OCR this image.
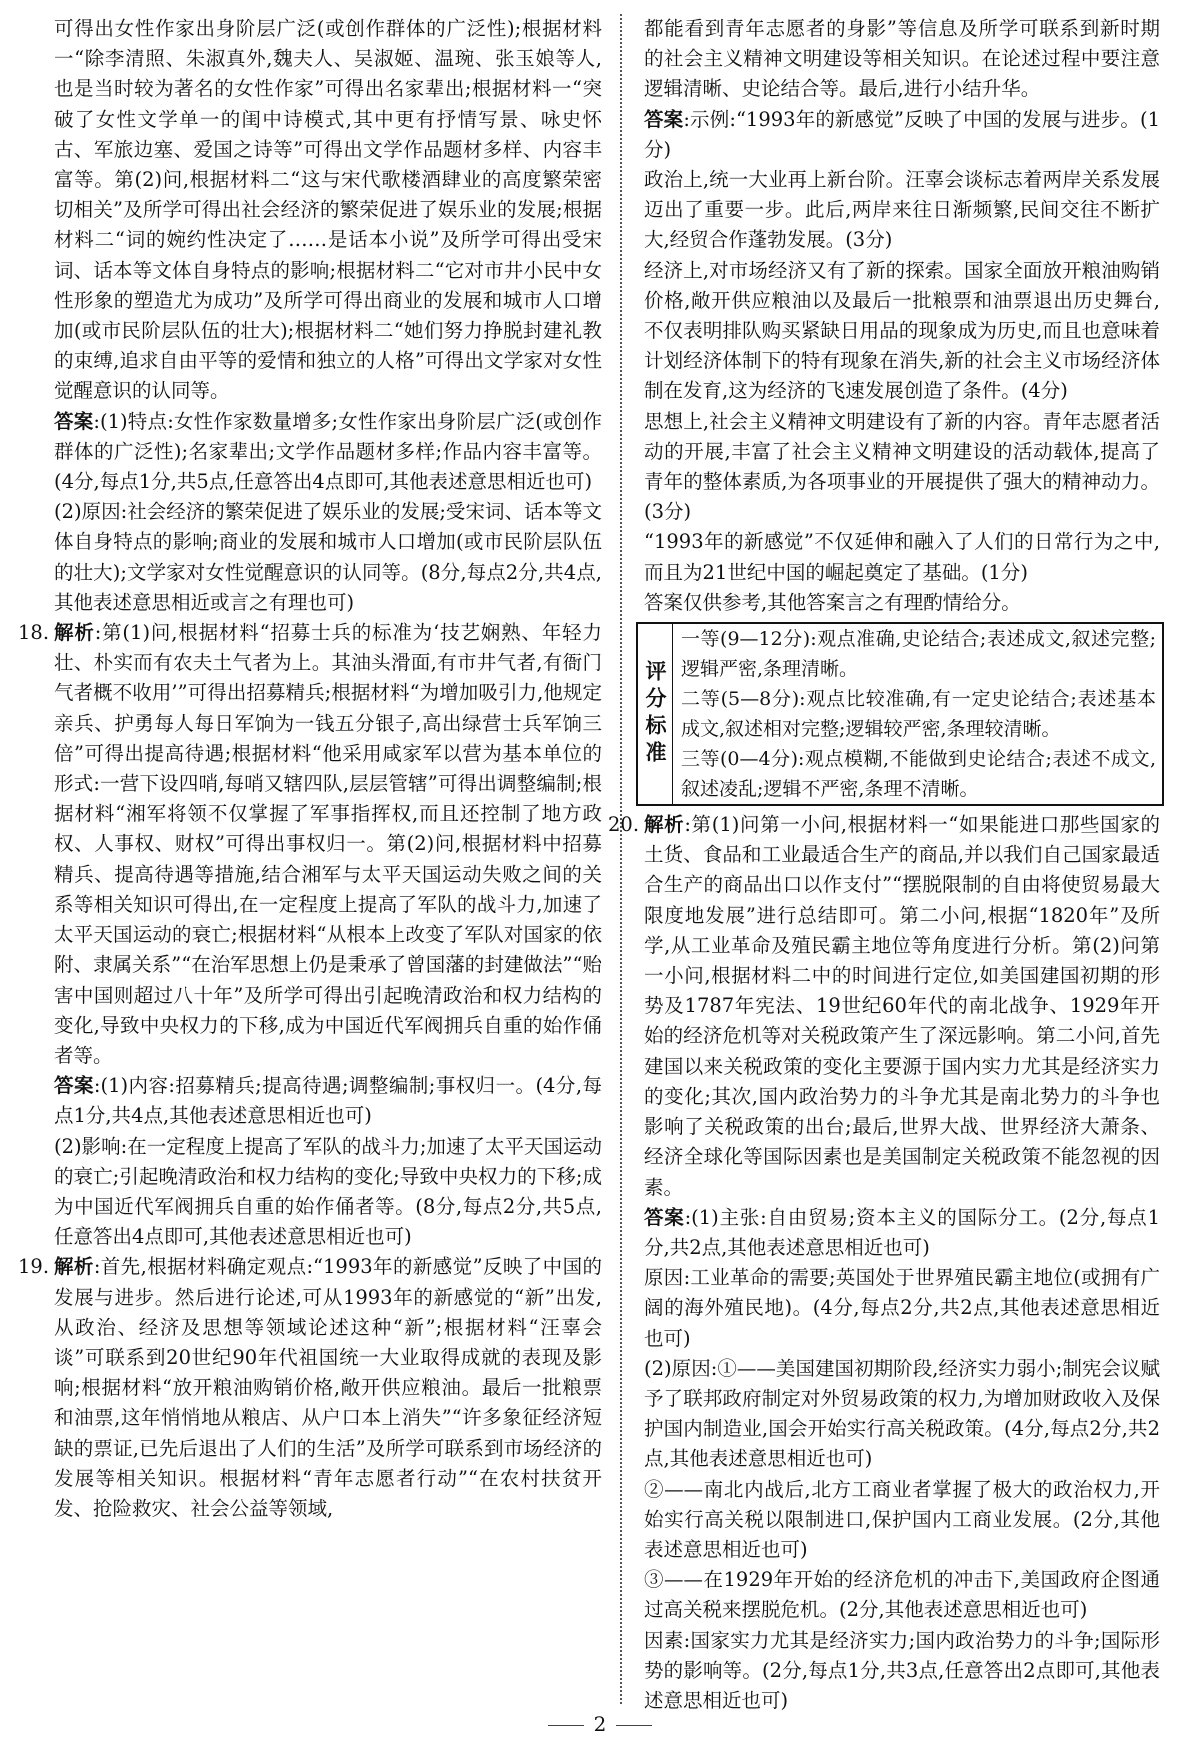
可得出女性作家出身阶层广泛(或创作群体的广泛性);根据材料一“除李清照、朱淑真外,魏夫人、吴淑姬、温琬、张玉娘等人,也是当时较为著名的女性作家”可得出名家辈出;根据材料一“突破了女性文学单一的闺中诗模式,其中更有抒情写景、咏史怀古、军旅边塞、爱国之诗等”可得出文学作品题材多样、内容丰富等。第(2)问,根据材料二“这与宋代歌楼酒肆业的高度繁荣密切相关”及所学可得出社会经济的繁荣促进了娱乐业的发展;根据材料二“词的婉约性决定了……是话本小说”及所学可得出受宋词、话本等文体自身特点的影响;根据材料二“它对市井小民中女性形象的塑造尤为成功”及所学可得出商业的发展和城市人口增加(或市民阶层队伍的壮大);根据材料二“她们努力挣脱封建礼教的束缚,追求自由平等的爱情和独立的人格”可得出文学家对女性觉醒意识的认同等。

答案:(1)特点:女性作家数量增多;女性作家出身阶层广泛(或创作群体的广泛性);名家辈出;文学作品题材多样;作品内容丰富等。(4分,每点1分,共5点,任意答出4点即可,其他表述意思相近也可)

(2)原因:社会经济的繁荣促进了娱乐业的发展;受宋词、话本等文体自身特点的影响;商业的发展和城市人口增加(或市民阶层队伍的壮大);文学家对女性觉醒意识的认同等。(8分,每点2分,共4点,其他表述意思相近或言之有理也可)

18. 解析:第(1)问,根据材料“招募士兵的标准为‘技艺娴熟、年轻力壮、朴实而有农夫土气者为上。其油头滑面,有市井气者,有衙门气者概不收用’”可得出招募精兵;根据材料“为增加吸引力,他规定亲兵、护勇每人每日军饷为一钱五分银子,高出绿营士兵军饷三倍”可得出提高待遇;根据材料“他采用咸家军以营为基本单位的形式:一营下设四哨,每哨又辖四队,层层管辖”可得出调整编制;根据材料“湘军将领不仅掌握了军事指挥权,而且还控制了地方政权、人事权、财权”可得出事权归一。第(2)问,根据材料中招募精兵、提高待遇等措施,结合湘军与太平天国运动失败之间的关系等相关知识可得出,在一定程度上提高了军队的战斗力,加速了太平天国运动的衰亡;根据材料“从根本上改变了军队对国家的依附、隶属关系”“在治军思想上仍是秉承了曾国藩的封建做法”“贻害中国则超过八十年”及所学可得出引起晚清政治和权力结构的变化,导致中央权力的下移,成为中国近代军阀拥兵自重的始作俑者等。

答案:(1)内容:招募精兵;提高待遇;调整编制;事权归一。(4分,每点1分,共4点,其他表述意思相近也可)

(2)影响:在一定程度上提高了军队的战斗力;加速了太平天国运动的衰亡;引起晚清政治和权力结构的变化;导致中央权力的下移;成为中国近代军阀拥兵自重的始作俑者等。(8分,每点2分,共5点,任意答出4点即可,其他表述意思相近也可)

19. 解析:首先,根据材料确定观点:“1993年的新感觉”反映了中国的发展与进步。然后进行论述,可从1993年的新感觉的“新”出发,从政治、经济及思想等领域论述这种“新”;根据材料“汪辜会谈”可联系到20世纪90年代祖国统一大业取得成就的表现及影响;根据材料“放开粮油购销价格,敞开供应粮油。最后一批粮票和油票,这年悄悄地从粮店、从户口本上消失”“许多象征经济短缺的票证,已先后退出了人们的生活”及所学可联系到市场经济的发展等相关知识。根据材料“青年志愿者行动”“在农村扶贫开发、抢险救灾、社会公益等领域,

都能看到青年志愿者的身影”等信息及所学可联系到新时期的社会主义精神文明建设等相关知识。在论述过程中要注意逻辑清晰、史论结合等。最后,进行小结升华。

答案:示例:“1993年的新感觉”反映了中国的发展与进步。(1分)

政治上,统一大业再上新台阶。汪辜会谈标志着两岸关系发展迈出了重要一步。此后,两岸来往日渐频繁,民间交往不断扩大,经贸合作蓬勃发展。(3分)

经济上,对市场经济又有了新的探索。国家全面放开粮油购销价格,敞开供应粮油以及最后一批粮票和油票退出历史舞台,不仅表明排队购买紧缺日用品的现象成为历史,而且也意味着计划经济体制下的特有现象在消失,新的社会主义市场经济体制在发育,这为经济的飞速发展创造了条件。(4分)

思想上,社会主义精神文明建设有了新的内容。青年志愿者活动的开展,丰富了社会主义精神文明建设的活动载体,提高了青年的整体素质,为各项事业的开展提供了强大的精神动力。(3分)

“1993年的新感觉”不仅延伸和融入了人们的日常行为之中,而且为21世纪中国的崛起奠定了基础。(1分)

答案仅供参考,其他答案言之有理酌情给分。

评分标准

一等(9—12分):观点准确,史论结合;表述成文,叙述完整;逻辑严密,条理清晰。

二等(5—8分):观点比较准确,有一定史论结合;表述基本成文,叙述相对完整;逻辑较严密,条理较清晰。

三等(0—4分):观点模糊,不能做到史论结合;表述不成文,叙述凌乱;逻辑不严密,条理不清晰。

20. 解析:第(1)问第一小问,根据材料一“如果能进口那些国家的土货、食品和工业最适合生产的商品,并以我们自己国家最适合生产的商品出口以作支付”“摆脱限制的自由将使贸易最大限度地发展”进行总结即可。第二小问,根据“1820年”及所学,从工业革命及殖民霸主地位等角度进行分析。第(2)问第一小问,根据材料二中的时间进行定位,如美国建国初期的形势及1787年宪法、19世纪60年代的南北战争、1929年开始的经济危机等对关税政策产生了深远影响。第二小问,首先建国以来关税政策的变化主要源于国内实力尤其是经济实力的变化;其次,国内政治势力的斗争尤其是南北势力的斗争也影响了关税政策的出台;最后,世界大战、世界经济大萧条、经济全球化等国际因素也是美国制定关税政策不能忽视的因素。

答案:(1)主张:自由贸易;资本主义的国际分工。(2分,每点1分,共2点,其他表述意思相近也可)

原因:工业革命的需要;英国处于世界殖民霸主地位(或拥有广阔的海外殖民地)。(4分,每点2分,共2点,其他表述意思相近也可)

(2)原因:①——美国建国初期阶段,经济实力弱小;制宪会议赋予了联邦政府制定对外贸易政策的权力,为增加财政收入及保护国内制造业,国会开始实行高关税政策。(4分,每点2分,共2点,其他表述意思相近也可)

②——南北内战后,北方工商业者掌握了极大的政治权力,开始实行高关税以限制进口,保护国内工商业发展。(2分,其他表述意思相近也可)

③——在1929年开始的经济危机的冲击下,美国政府企图通过高关税来摆脱危机。(2分,其他表述意思相近也可)

因素:国家实力尤其是经济实力;国内政治势力的斗争;国际形势的影响等。(2分,每点1分,共3点,任意答出2点即可,其他表述意思相近也可)

2
